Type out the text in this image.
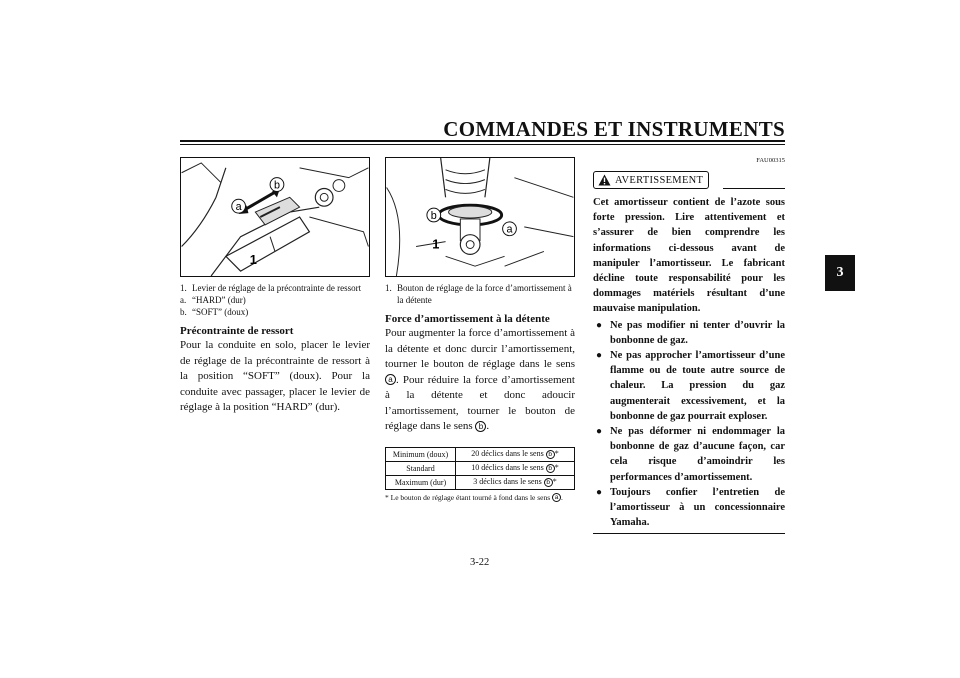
COMMANDES ET INSTRUMENTS
3
a
b
1
1. Levier de réglage de la précontrainte de ressort
a. “HARD” (dur)
b. “SOFT” (doux)
Précontrainte de ressort
Pour la conduite en solo, placer le levier de réglage de la précontrainte de ressort à la position “SOFT” (doux). Pour la conduite avec passager, placer le levier de réglage à la position “HARD” (dur).
b
a
1
1. Bouton de réglage de la force d’amortissement à la détente
Force d’amortissement à la détente
Pour augmenter la force d’amortissement à la détente et donc durcir l’amortissement, tourner le bouton de réglage dans le sens a . Pour réduire la force d’amortissement à la détente et donc adoucir l’amortissement, tourner le bouton de réglage dans le sens b .
Minimum (doux)	20 déclics dans le sens b *
Standard	10 déclics dans le sens b *
Maximum (dur)	3 déclics dans le sens b *
* Le bouton de réglage étant tourné à fond dans le sens a .
FAU00315
AVERTISSEMENT
Cet amortisseur contient de l’azote sous forte pression. Lire attentivement et s’assurer de bien comprendre les informations ci-dessous avant de manipuler l’amortisseur. Le fabricant décline toute responsabilité pour les dommages matériels résultant d’une mauvaise manipulation.
● Ne pas modifier ni tenter d’ouvrir la bonbonne de gaz.
● Ne pas approcher l’amortisseur d’une flamme ou de toute autre source de chaleur. La pression du gaz augmenterait excessivement, et la bonbonne de gaz pourrait exploser.
● Ne pas déformer ni endommager la bonbonne de gaz d’aucune façon, car cela risque d’amoindrir les performances d’amortissement.
● Toujours confier l’entretien de l’amortisseur à un concessionnaire Yamaha.
3-22
